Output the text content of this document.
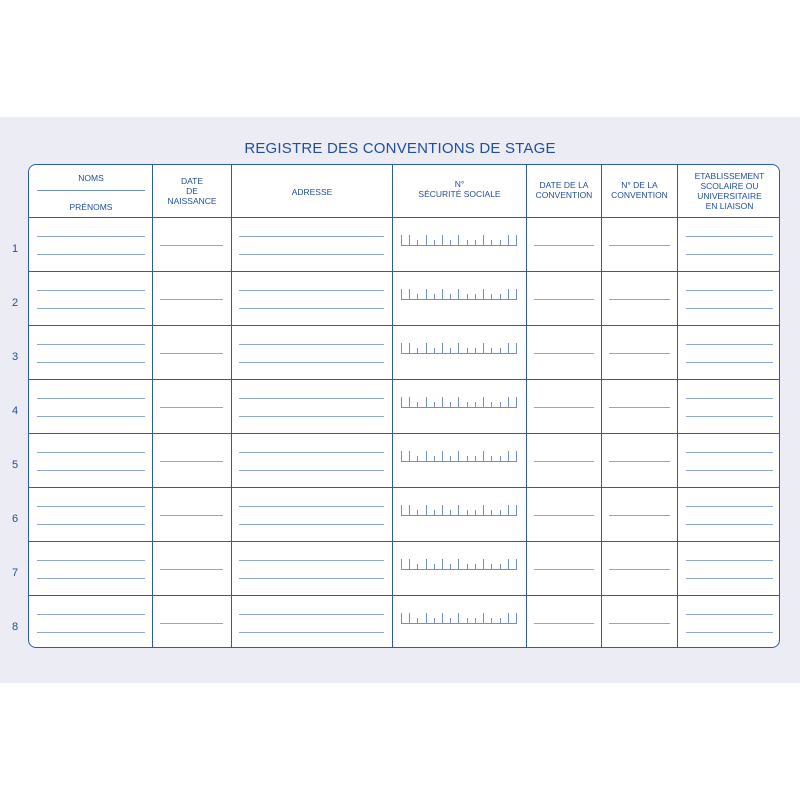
REGISTRE DES CONVENTIONS DE STAGE
NOMS
PRÉNOMS
DATE
DE
NAISSANCE
ADRESSE
N°
SÉCURITÉ SOCIALE
DATE DE LA
CONVENTION
N° DE LA
CONVENTION
ETABLISSEMENT
SCOLAIRE OU
UNIVERSITAIRE
EN LIAISON
1
2
3
4
5
6
7
8
